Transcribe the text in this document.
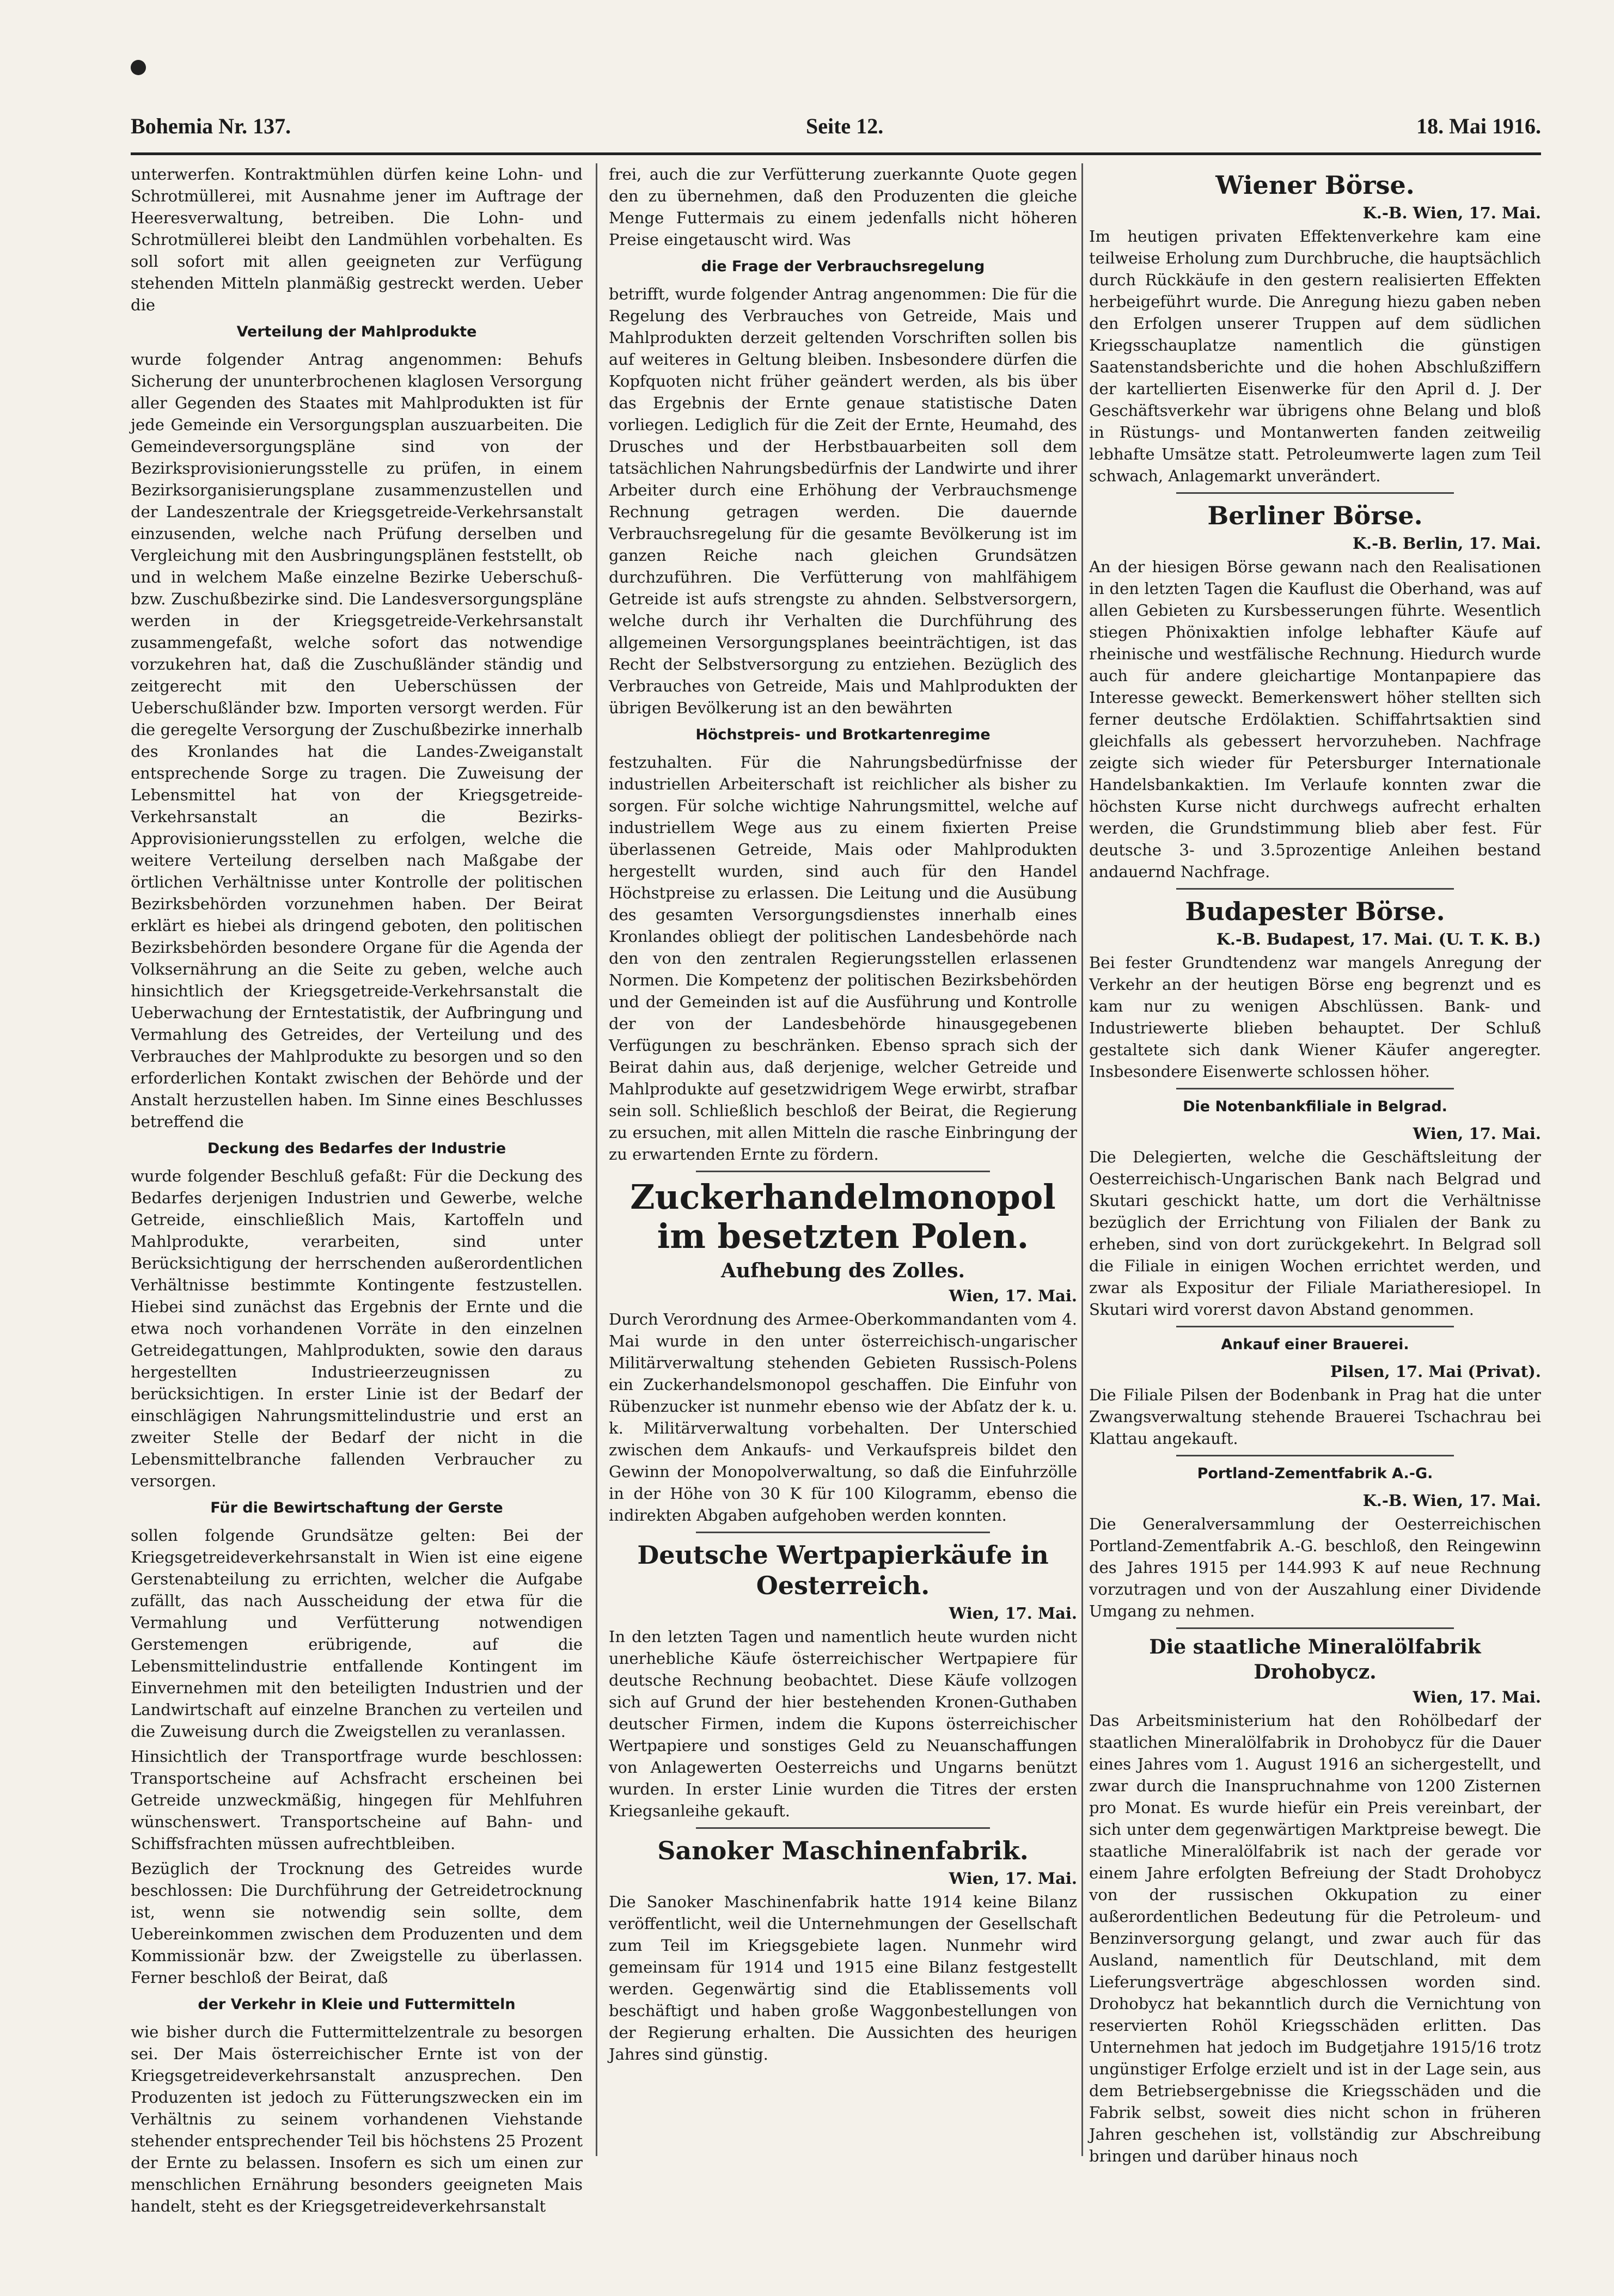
Bohemia Nr. 137.	Seite 12.	18. Mai 1916.

unterwerfen. Kontraktmühlen dürfen keine Lohn- und Schrotmüllerei, mit Ausnahme jener im Auftrage der Heeresverwaltung, betreiben. Die Lohn- und Schrotmüllerei bleibt den Landmühlen vorbehalten. Es soll sofort mit allen geeigneten zur Verfügung stehenden Mitteln planmäßig gestreckt werden. Ueber die

Verteilung der Mahlprodukte

wurde folgender Antrag angenommen: Behufs Sicherung der ununterbrochenen klaglosen Versorgung aller Gegenden des Staates mit Mahlprodukten ist für jede Gemeinde ein Versorgungsplan auszuarbeiten. Die Gemeindeversorgungspläne sind von der Bezirksprovisionierungsstelle zu prüfen, in einem Bezirksorganisierungsplane zusammenzustellen und der Landeszentrale der Kriegsgetreide-Verkehrsanstalt einzusenden, welche nach Prüfung derselben und Vergleichung mit den Ausbringungsplänen feststellt, ob und in welchem Maße einzelne Bezirke Ueberschuß- bzw. Zuschußbezirke sind. Die Landesversorgungspläne werden in der Kriegsgetreide-Verkehrsanstalt zusammengefaßt, welche sofort das notwendige vorzukehren hat, daß die Zuschußländer ständig und zeitgerecht mit den Ueberschüssen der Ueberschußländer bzw. Importen versorgt werden. Für die geregelte Versorgung der Zuschußbezirke innerhalb des Kronlandes hat die Landes-Zweiganstalt entsprechende Sorge zu tragen. Die Zuweisung der Lebensmittel hat von der Kriegsgetreide-Verkehrsanstalt an die Bezirks-Approvisionierungsstellen zu erfolgen, welche die weitere Verteilung derselben nach Maßgabe der örtlichen Verhältnisse unter Kontrolle der politischen Bezirksbehörden vorzunehmen haben. Der Beirat erklärt es hiebei als dringend geboten, den politischen Bezirksbehörden besondere Organe für die Agenda der Volksernährung an die Seite zu geben, welche auch hinsichtlich der Kriegsgetreide-Verkehrsanstalt die Ueberwachung der Erntestatistik, der Aufbringung und Vermahlung des Getreides, der Verteilung und des Verbrauches der Mahlprodukte zu besorgen und so den erforderlichen Kontakt zwischen der Behörde und der Anstalt herzustellen haben. Im Sinne eines Beschlusses betreffend die

Deckung des Bedarfes der Industrie

wurde folgender Beschluß gefaßt: Für die Deckung des Bedarfes derjenigen Industrien und Gewerbe, welche Getreide, einschließlich Mais, Kartoffeln und Mahlprodukte, verarbeiten, sind unter Berücksichtigung der herrschenden außerordentlichen Verhältnisse bestimmte Kontingente festzustellen. Hiebei sind zunächst das Ergebnis der Ernte und die etwa noch vorhandenen Vorräte in den einzelnen Getreidegattungen, Mahlprodukten, sowie den daraus hergestellten Industrieerzeugnissen zu berücksichtigen. In erster Linie ist der Bedarf der einschlägigen Nahrungsmittelindustrie und erst an zweiter Stelle der Bedarf der nicht in die Lebensmittelbranche fallenden Verbraucher zu versorgen.

Für die Bewirtschaftung der Gerste

sollen folgende Grundsätze gelten: Bei der Kriegsgetreideverkehrsanstalt in Wien ist eine eigene Gerstenabteilung zu errichten, welcher die Aufgabe zufällt, das nach Ausscheidung der etwa für die Vermahlung und Verfütterung notwendigen Gerstemengen erübrigende, auf die Lebensmittelindustrie entfallende Kontingent im Einvernehmen mit den beteiligten Industrien und der Landwirtschaft auf einzelne Branchen zu verteilen und die Zuweisung durch die Zweigstellen zu veranlassen.

Hinsichtlich der Transportfrage wurde beschlossen: Transportscheine auf Achsfracht erscheinen bei Getreide unzweckmäßig, hingegen für Mehlfuhren wünschenswert. Transportscheine auf Bahn- und Schiffsfrachten müssen aufrechtbleiben.

Bezüglich der Trocknung des Getreides wurde beschlossen: Die Durchführung der Getreidetrocknung ist, wenn sie notwendig sein sollte, dem Uebereinkommen zwischen dem Produzenten und dem Kommissionär bzw. der Zweigstelle zu überlassen. Ferner beschloß der Beirat, daß

der Verkehr in Kleie und Futtermitteln

wie bisher durch die Futtermittelzentrale zu besorgen sei. Der Mais österreichischer Ernte ist von der Kriegsgetreideverkehrsanstalt anzusprechen. Den Produzenten ist jedoch zu Fütterungszwecken ein im Verhältnis zu seinem vorhandenen Viehstande stehender entsprechender Teil bis höchstens 25 Prozent der Ernte zu belassen. Insofern es sich um einen zur menschlichen Ernährung besonders geeigneten Mais handelt, steht es der Kriegsgetreideverkehrsanstalt

frei, auch die zur Verfütterung zuerkannte Quote gegen den zu übernehmen, daß den Produzenten die gleiche Menge Futtermais zu einem jedenfalls nicht höheren Preise eingetauscht wird. Was

die Frage der Verbrauchsregelung

betrifft, wurde folgender Antrag angenommen: Die für die Regelung des Verbrauches von Getreide, Mais und Mahlprodukten derzeit geltenden Vorschriften sollen bis auf weiteres in Geltung bleiben. Insbesondere dürfen die Kopfquoten nicht früher geändert werden, als bis über das Ergebnis der Ernte genaue statistische Daten vorliegen. Lediglich für die Zeit der Ernte, Heumahd, des Drusches und der Herbstbauarbeiten soll dem tatsächlichen Nahrungsbedürfnis der Landwirte und ihrer Arbeiter durch eine Erhöhung der Verbrauchsmenge Rechnung getragen werden. Die dauernde Verbrauchsregelung für die gesamte Bevölkerung ist im ganzen Reiche nach gleichen Grundsätzen durchzuführen. Die Verfütterung von mahlfähigem Getreide ist aufs strengste zu ahnden. Selbstversorgern, welche durch ihr Verhalten die Durchführung des allgemeinen Versorgungsplanes beeinträchtigen, ist das Recht der Selbstversorgung zu entziehen. Bezüglich des Verbrauches von Getreide, Mais und Mahlprodukten der übrigen Bevölkerung ist an den bewährten

Höchstpreis- und Brotkartenregime

festzuhalten. Für die Nahrungsbedürfnisse der industriellen Arbeiterschaft ist reichlicher als bisher zu sorgen. Für solche wichtige Nahrungsmittel, welche auf industriellem Wege aus zu einem fixierten Preise überlassenen Getreide, Mais oder Mahlprodukten hergestellt wurden, sind auch für den Handel Höchstpreise zu erlassen. Die Leitung und die Ausübung des gesamten Versorgungsdienstes innerhalb eines Kronlandes obliegt der politischen Landesbehörde nach den von den zentralen Regierungsstellen erlassenen Normen. Die Kompetenz der politischen Bezirksbehörden und der Gemeinden ist auf die Ausführung und Kontrolle der von der Landesbehörde hinausgegebenen Verfügungen zu beschränken. Ebenso sprach sich der Beirat dahin aus, daß derjenige, welcher Getreide und Mahlprodukte auf gesetzwidrigem Wege erwirbt, strafbar sein soll. Schließlich beschloß der Beirat, die Regierung zu ersuchen, mit allen Mitteln die rasche Einbringung der zu erwartenden Ernte zu fördern.

Zuckerhandelmonopol im besetzten Polen.
Aufhebung des Zolles.
Wien, 17. Mai.

Durch Verordnung des Armee-Oberkommandanten vom 4. Mai wurde in den unter österreichisch-ungarischer Militärverwaltung stehenden Gebieten Russisch-Polens ein Zuckerhandelsmonopol geschaffen. Die Einfuhr von Rübenzucker ist nunmehr ebenso wie der Abſatz der k. u. k. Militärverwaltung vorbehalten. Der Unterschied zwischen dem Ankaufs- und Verkaufspreis bildet den Gewinn der Monopolverwaltung, so daß die Einfuhrzölle in der Höhe von 30 K für 100 Kilogramm, ebenso die indirekten Abgaben aufgehoben werden konnten.

Deutsche Wertpapierkäufe in Oesterreich.
Wien, 17. Mai.

In den letzten Tagen und namentlich heute wurden nicht unerhebliche Käufe österreichischer Wertpapiere für deutsche Rechnung beobachtet. Diese Käufe vollzogen sich auf Grund der hier bestehenden Kronen-Guthaben deutscher Firmen, indem die Kupons österreichischer Wertpapiere und sonstiges Geld zu Neuanschaffungen von Anlagewerten Oesterreichs und Ungarns benützt wurden. In erster Linie wurden die Titres der ersten Kriegsanleihe gekauft.

Sanoker Maschinenfabrik.
Wien, 17. Mai.

Die Sanoker Maschinenfabrik hatte 1914 keine Bilanz veröffentlicht, weil die Unternehmungen der Gesellschaft zum Teil im Kriegsgebiete lagen. Nunmehr wird gemeinsam für 1914 und 1915 eine Bilanz festgestellt werden. Gegenwärtig sind die Etablissements voll beschäftigt und haben große Waggonbestellungen von der Regierung erhalten. Die Aussichten des heurigen Jahres sind günstig.

Wiener Börse.
K.-B. Wien, 17. Mai.

Im heutigen privaten Effektenverkehre kam eine teilweise Erholung zum Durchbruche, die hauptsächlich durch Rückkäufe in den gestern realisierten Effekten herbeigeführt wurde. Die Anregung hiezu gaben neben den Erfolgen unserer Truppen auf dem südlichen Kriegsschauplatze namentlich die günstigen Saatenstandsberichte und die hohen Abschlußziffern der kartellierten Eisenwerke für den April d. J. Der Geschäftsverkehr war übrigens ohne Belang und bloß in Rüstungs- und Montanwerten fanden zeitweilig lebhafte Umsätze statt. Petroleumwerte lagen zum Teil schwach, Anlagemarkt unverändert.

Berliner Börse.
K.-B. Berlin, 17. Mai.

An der hiesigen Börse gewann nach den Realisationen in den letzten Tagen die Kauflust die Oberhand, was auf allen Gebieten zu Kursbesserungen führte. Wesentlich stiegen Phönixaktien infolge lebhafter Käufe auf rheinische und westfälische Rechnung. Hiedurch wurde auch für andere gleichartige Montanpapiere das Interesse geweckt. Bemerkenswert höher stellten sich ferner deutsche Erdölaktien. Schiffahrtsaktien sind gleichfalls als gebessert hervorzuheben. Nachfrage zeigte sich wieder für Petersburger Internationale Handelsbankaktien. Im Verlaufe konnten zwar die höchsten Kurse nicht durchwegs aufrecht erhalten werden, die Grundstimmung blieb aber fest. Für deutsche 3- und 3.5prozentige Anleihen bestand andauernd Nachfrage.

Budapester Börse.
K.-B. Budapest, 17. Mai. (U. T. K. B.)

Bei fester Grundtendenz war mangels Anregung der Verkehr an der heutigen Börse eng begrenzt und es kam nur zu wenigen Abschlüssen. Bank- und Industriewerte blieben behauptet. Der Schluß gestaltete sich dank Wiener Käufer angeregter. Insbesondere Eisenwerte schlossen höher.

Die Notenbankfiliale in Belgrad.
Wien, 17. Mai.

Die Delegierten, welche die Geschäftsleitung der Oesterreichisch-Ungarischen Bank nach Belgrad und Skutari geschickt hatte, um dort die Verhältnisse bezüglich der Errichtung von Filialen der Bank zu erheben, sind von dort zurückgekehrt. In Belgrad soll die Filiale in einigen Wochen errichtet werden, und zwar als Expositur der Filiale Mariatheresiopel. In Skutari wird vorerst davon Abstand genommen.

Ankauf einer Brauerei.
Pilsen, 17. Mai (Privat).

Die Filiale Pilsen der Bodenbank in Prag hat die unter Zwangsverwaltung stehende Brauerei Tschachrau bei Klattau angekauft.

Portland-Zementfabrik A.-G.
K.-B. Wien, 17. Mai.

Die Generalversammlung der Oesterreichischen Portland-Zementfabrik A.-G. beschloß, den Reingewinn des Jahres 1915 per 144.993 K auf neue Rechnung vorzutragen und von der Auszahlung einer Dividende Umgang zu nehmen.

Die staatliche Mineralölfabrik Drohobycz.
Wien, 17. Mai.

Das Arbeitsministerium hat den Rohölbedarf der staatlichen Mineralölfabrik in Drohobycz für die Dauer eines Jahres vom 1. August 1916 an sichergestellt, und zwar durch die Inanspruchnahme von 1200 Zisternen pro Monat. Es wurde hiefür ein Preis vereinbart, der sich unter dem gegenwärtigen Marktpreise bewegt. Die staatliche Mineralölfabrik ist nach der gerade vor einem Jahre erfolgten Befreiung der Stadt Drohobycz von der russischen Okkupation zu einer außerordentlichen Bedeutung für die Petroleum- und Benzinversorgung gelangt, und zwar auch für das Ausland, namentlich für Deutschland, mit dem Lieferungsverträge abgeschlossen worden sind. Drohobycz hat bekanntlich durch die Vernichtung von reservierten Rohöl Kriegsschäden erlitten. Das Unternehmen hat jedoch im Budgetjahre 1915/16 trotz ungünstiger Erfolge erzielt und ist in der Lage sein, aus dem Betriebsergebnisse die Kriegsschäden und die Fabrik selbst, soweit dies nicht schon in früheren Jahren geschehen ist, vollständig zur Abschreibung bringen und darüber hinaus noch
